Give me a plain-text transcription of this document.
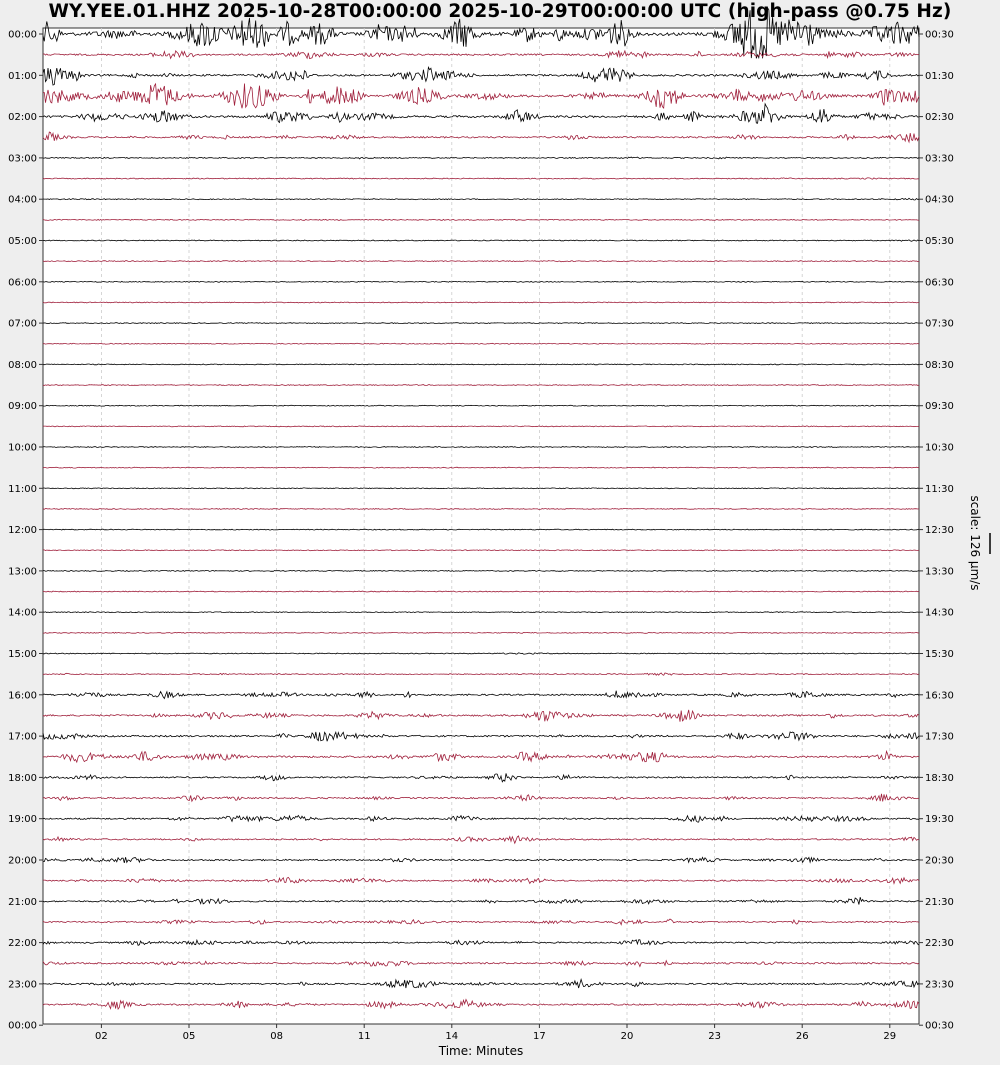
WY.YEE.01.HHZ 2025-10-28T00:00:00 2025-10-29T00:00:00 UTC (high-pass @0.75 Hz)
00:00
01:00
02:00
03:00
04:00
05:00
06:00
07:00
08:00
09:00
10:00
11:00
12:00
13:00
14:00
15:00
16:00
17:00
18:00
19:00
20:00
21:00
22:00
23:00
00:00
00:30
01:30
02:30
03:30
04:30
05:30
06:30
07:30
08:30
09:30
10:30
11:30
12:30
13:30
14:30
15:30
16:30
17:30
18:30
19:30
20:30
21:30
22:30
23:30
00:30
02	05	08	11	14	17	20	23	26	29
Time: Minutes
scale: 126 µm/s
